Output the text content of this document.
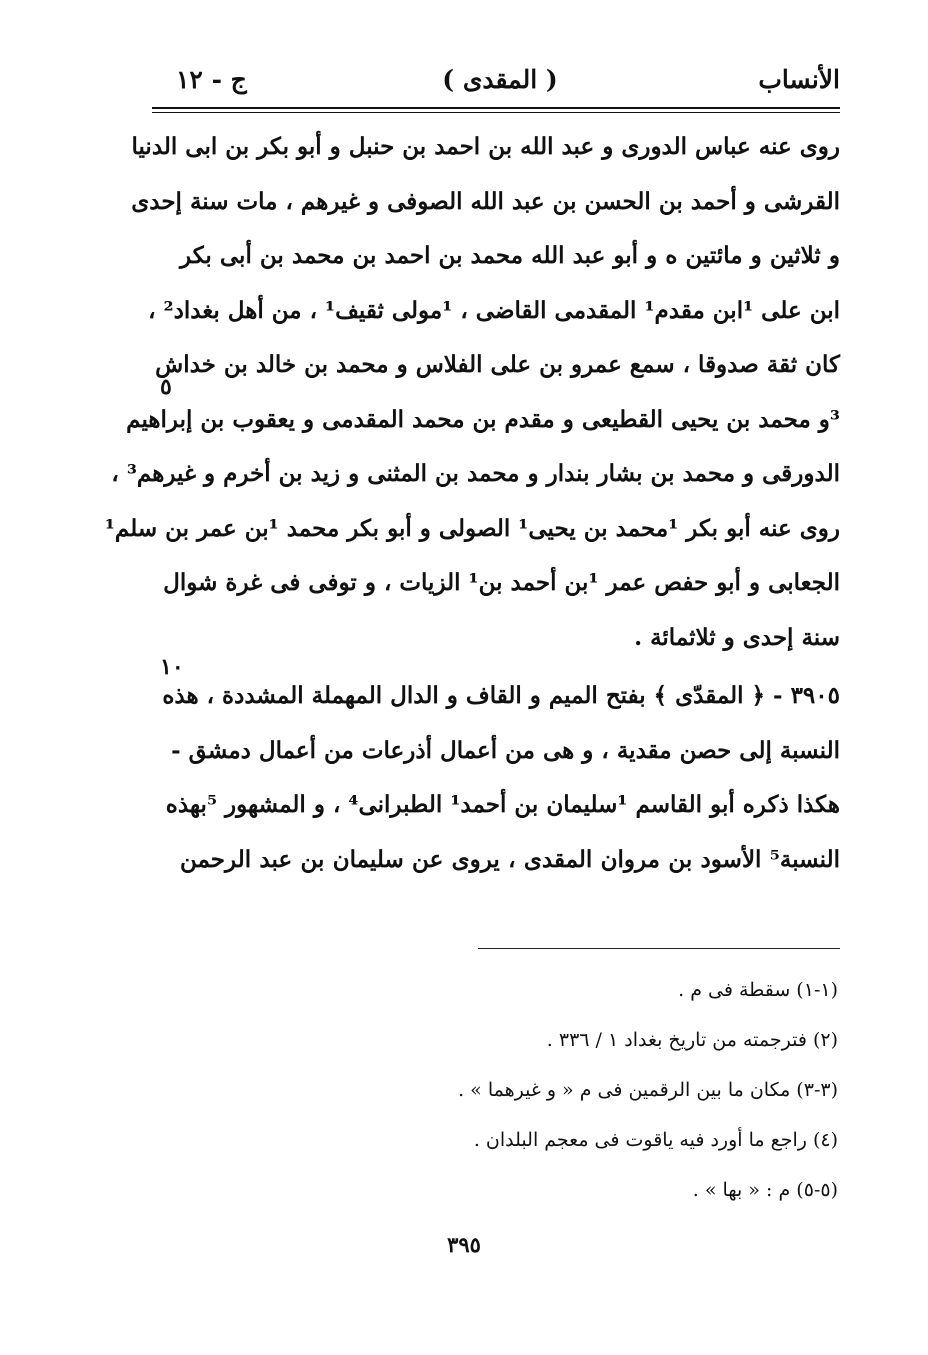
الأنساب
( المقدى )
ج - ١٢
روى عنه عباس الدورى و عبد الله بن احمد بن حنبل و أبو بكر بن ابى الدنيا
القرشى و أحمد بن الحسن بن عبد الله الصوفى و غيرهم ، مات سنة إحدى
و ثلاثين و مائتين ه و أبو عبد الله محمد بن احمد بن محمد بن أبى بكر
ابن على ¹ابن مقدم¹ المقدمى القاضى ، ¹مولى ثقيف¹ ، من أهل بغداد² ،
كان ثقة صدوقا ، سمع عمرو بن على الفلاس و محمد بن خالد بن خداش
³و محمد بن يحيى القطيعى و مقدم بن محمد المقدمى و يعقوب بن إبراهيم
الدورقى و محمد بن بشار بندار و محمد بن المثنى و زيد بن أخرم و غيرهم³ ،
روى عنه أبو بكر ¹محمد بن يحيى¹ الصولى و أبو بكر محمد ¹بن عمر بن سلم¹
الجعابى و أبو حفص عمر ¹بن أحمد بن¹ الزيات ، و توفى فى غرة شوال
سنة إحدى و ثلاثمائة .
٣٩٠٥ - ﴿ المقدّى ﴾ بفتح الميم و القاف و الدال المهملة المشددة ، هذه
النسبة إلى حصن مقدية ، و هى من أعمال أذرعات من أعمال دمشق -
هكذا ذكره أبو القاسم ¹سليمان بن أحمد¹ الطبرانى⁴ ، و المشهور ⁵بهذه
النسبة⁵ الأسود بن مروان المقدى ، يروى عن سليمان بن عبد الرحمن
٥
١٠
(١-١) سقطة فى م .
(٢) فترجمته من تاريخ بغداد ١ / ٣٣٦ .
(٣-٣) مكان ما بين الرقمين فى م « و غيرهما » .
(٤) راجع ما أورد فيه ياقوت فى معجم البلدان .
(٥-٥) م : « بها » .
٣٩٥
